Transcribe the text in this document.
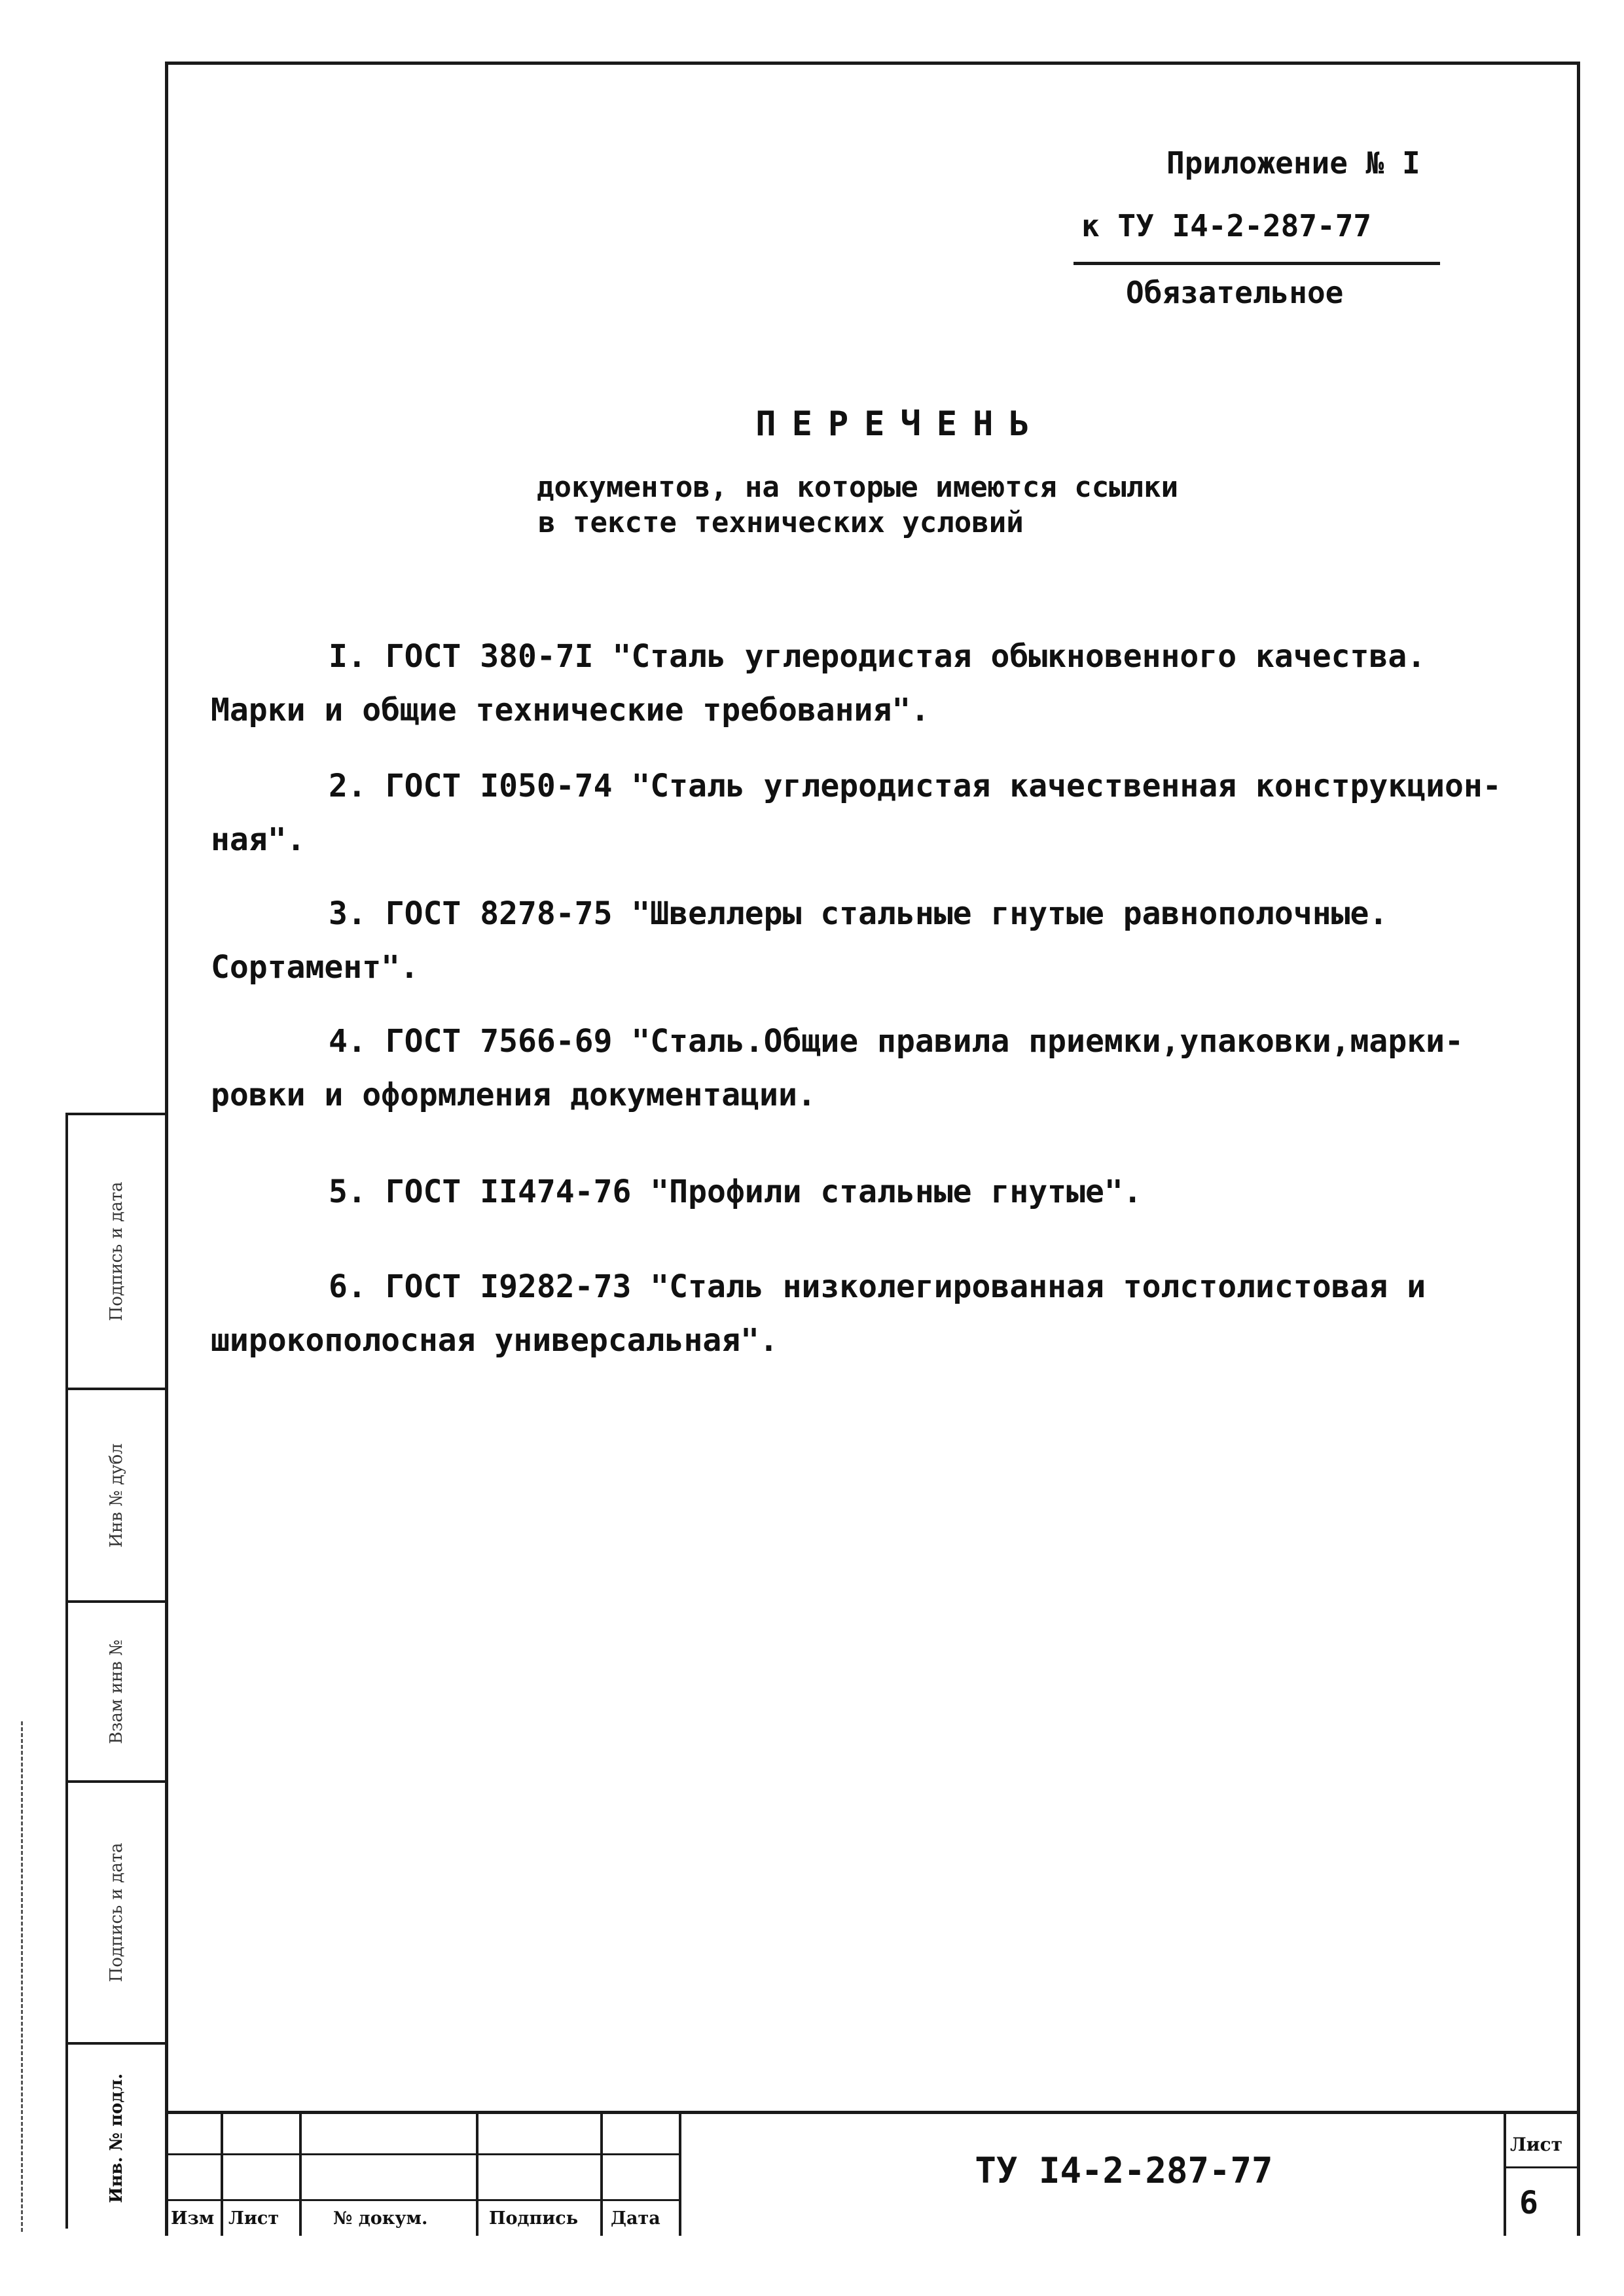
Подпись и дата
Инв № дубл
Взам инв №
Подпись и дата
Инв. № подл.
Приложение № I
к ТУ I4-2-287-77
Обязательное
ПЕРЕЧЕНЬ
документов, на которые имеются ссылки
в тексте технических условий
I. ГОСТ 380-7I "Сталь углеродистая обыкновенного качества.
Марки и общие технические требования".
2. ГОСТ I050-74 "Сталь углеродистая качественная конструкцион-
ная".
3. ГОСТ 8278-75 "Швеллеры стальные гнутые равнополочные.
Сортамент".
4. ГОСТ 7566-69 "Сталь.Общие правила приемки,упаковки,марки-
ровки и оформления документации.
5. ГОСТ II474-76 "Профили стальные гнутые".
6. ГОСТ I9282-73 "Сталь низколегированная толстолистовая и
широкополосная универсальная".
Изм Лист	№ докум.	Подпись Дата
ТУ I4-2-287-77
Лист
6
